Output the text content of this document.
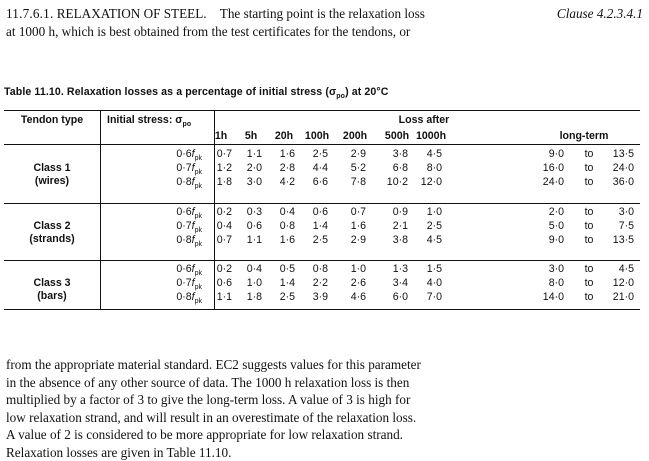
11.7.6.1. RELAXATION OF STEEL. The starting point is the relaxation loss	Clause 4.2.3.4.1
at 1000 h, which is best obtained from the test certificates for the tendons, or
Table 11.10. Relaxation losses as a percentage of initial stress $(\sigma_{po})$ at 20°C
Tendon type	Initial stress: $\sigma_{po}$	Loss after
1h	5h	20h	100h 200h 500h 1000h	long-term
Class 1
(wires)
$0\cdot 6f_{pk}$	0·7	1·1	1·6	2·5	2·9	3·8	4·5	9·0	to	13·5
$0\cdot 7f_{pk}$	1·2	2·0	2·8	4·4	5·2	6·8	8·0	16·0	to	24·0
$0\cdot 8f_{pk}$	1·8	3·0	4·2	6·6	7·8	10·2	12·0	24·0	to	36·0
Class 2
(strands)
$0\cdot 6f_{pk}$	0·2	0·3	0·4	0·6	0·7	0·9	1·0	2·0	to	3·0
$0\cdot 7f_{pk}$	0·4	0·6	0·8	1·4	1·6	2·1	2·5	5·0	to	7·5
$0\cdot 8f_{pk}$	0·7	1·1	1·6	2·5	2·9	3·8	4·5	9·0	to	13·5
Class 3
(bars)
$0\cdot 6f_{pk}$	0·2	0·4	0·5	0·8	1·0	1·3	1·5	3·0	to	4·5
$0\cdot 7f_{pk}$	0·6	1·0	1·4	2·2	2·6	3·4	4·0	8·0	to	12·0
$0\cdot 8f_{pk}$	1·1	1·8	2·5	3·9	4·6	6·0	7·0	14·0	to	21·0
from the appropriate material standard. EC2 suggests values for this parameter
in the absence of any other source of data. The 1000 h relaxation loss is then
multiplied by a factor of 3 to give the long-term loss. A value of 3 is high for
low relaxation strand, and will result in an overestimate of the relaxation loss.
A value of 2 is considered to be more appropriate for low relaxation strand.
Relaxation losses are given in Table 11.10.
